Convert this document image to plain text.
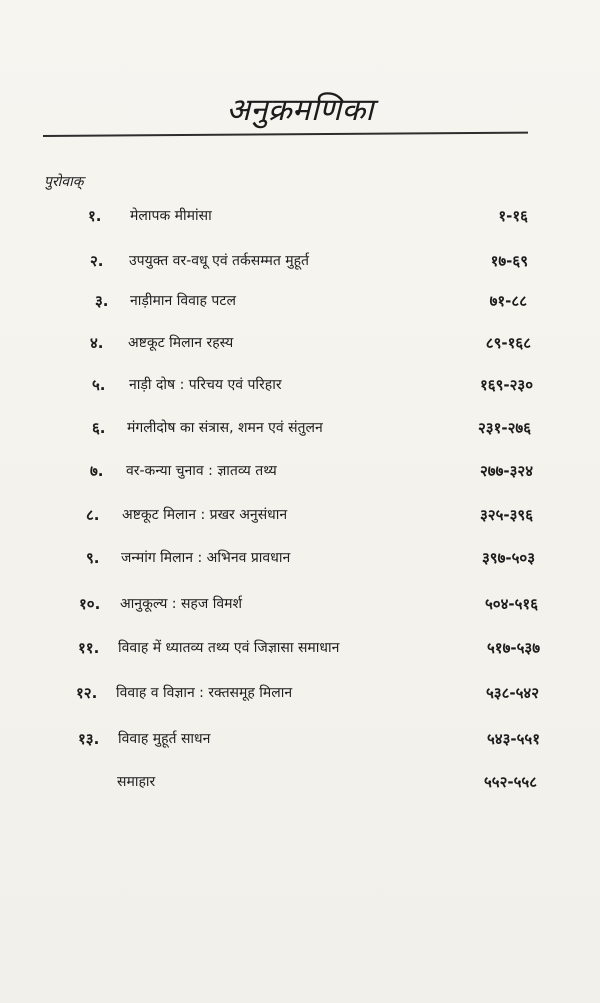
अनुक्रमणिका
पुरोवाक्
१. मेलापक मीमांसा	१-१६
२. उपयुक्त वर-वधू एवं तर्कसम्मत मुहूर्त	१७-६९
३. नाड़ीमान विवाह पटल	७१-८८
४. अष्टकूट मिलान रहस्य	८९-१६८
५. नाड़ी दोष : परिचय एवं परिहार	१६९-२३०
६. मंगलीदोष का संत्रास, शमन एवं संतुलन	२३१-२७६
७. वर-कन्या चुनाव : ज्ञातव्य तथ्य	२७७-३२४
८. अष्टकूट मिलान : प्रखर अनुसंधान	३२५-३९६
९. जन्मांग मिलान : अभिनव प्रावधान	३९७-५०३
१०. आनुकूल्य : सहज विमर्श	५०४-५१६
११. विवाह में ध्यातव्य तथ्य एवं जिज्ञासा समाधान	५१७-५३७
१२. विवाह व विज्ञान : रक्तसमूह मिलान	५३८-५४२
१३. विवाह मुहूर्त साधन	५४३-५५१
समाहार	५५२-५५८
